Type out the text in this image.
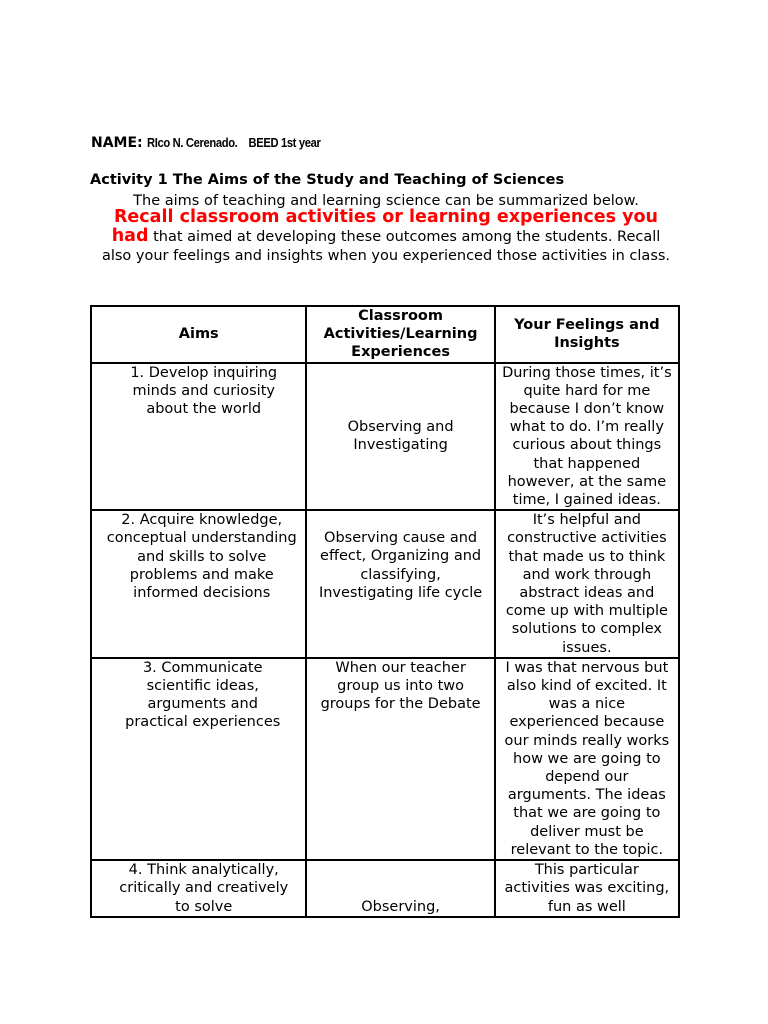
NAME: RIco N. Cerenado.    BEED 1st year
Activity 1 The Aims of the Study and Teaching of Sciences
The aims of teaching and learning science can be summarized below.
Recall classroom activities or learning experiences you had that aimed at developing these outcomes among the students. Recall also your feelings and insights when you experienced those activities in class.
Aims	Classroom Activities/Learning Experiences	Your Feelings and Insights
1. Develop inquiring minds and curiosity about the world	Observing and Investigating	During those times, it’s quite hard for me because I don’t know what to do. I’m really curious about things that happened however, at the same time, I gained ideas.
2. Acquire knowledge, conceptual understanding and skills to solve problems and make informed decisions	Observing cause and effect, Organizing and classifying, Investigating life cycle	It’s helpful and constructive activities that made us to think and work through abstract ideas and come up with multiple solutions to complex issues.
3. Communicate scientific ideas, arguments and practical experiences	When our teacher group us into two groups for the Debate	I was that nervous but also kind of excited. It was a nice experienced because our minds really works how we are going to depend our arguments. The ideas that we are going to deliver must be relevant to the topic.
4. Think analytically, critically and creatively to solve	Observing,	This particular activities was exciting, fun as well
